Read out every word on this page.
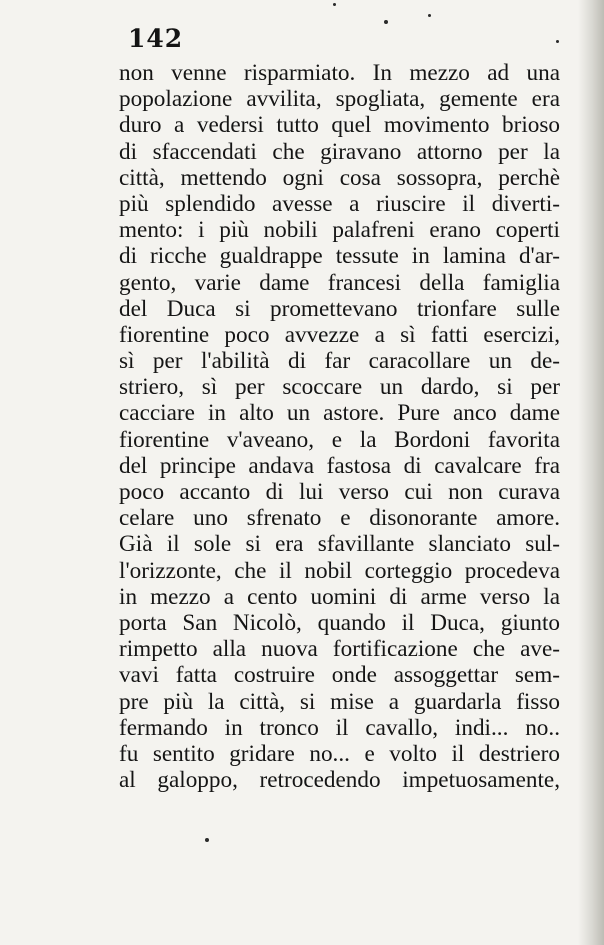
142
non venne risparmiato. In mezzo ad una
popolazione avvilita, spogliata, gemente era
duro a vedersi tutto quel movimento brioso
di sfaccendati che giravano attorno per la
città, mettendo ogni cosa sossopra, perchè
più splendido avesse a riuscire il diverti-
mento: i più nobili palafreni erano coperti
di ricche gualdrappe tessute in lamina d'ar-
gento, varie dame francesi della famiglia
del Duca si promettevano trionfare sulle
fiorentine poco avvezze a sì fatti esercizi,
sì per l'abilità di far caracollare un de-
striero, sì per scoccare un dardo, si per
cacciare in alto un astore. Pure anco dame
fiorentine v'aveano, e la Bordoni favorita
del principe andava fastosa di cavalcare fra
poco accanto di lui verso cui non curava
celare uno sfrenato e disonorante amore.
Già il sole si era sfavillante slanciato sul-
l'orizzonte, che il nobil corteggio procedeva
in mezzo a cento uomini di arme verso la
porta San Nicolò, quando il Duca, giunto
rimpetto alla nuova fortificazione che ave-
vavi fatta costruire onde assoggettar sem-
pre più la città, si mise a guardarla fisso
fermando in tronco il cavallo, indi... no..
fu sentito gridare no... e volto il destriero
al galoppo, retrocedendo impetuosamente,
